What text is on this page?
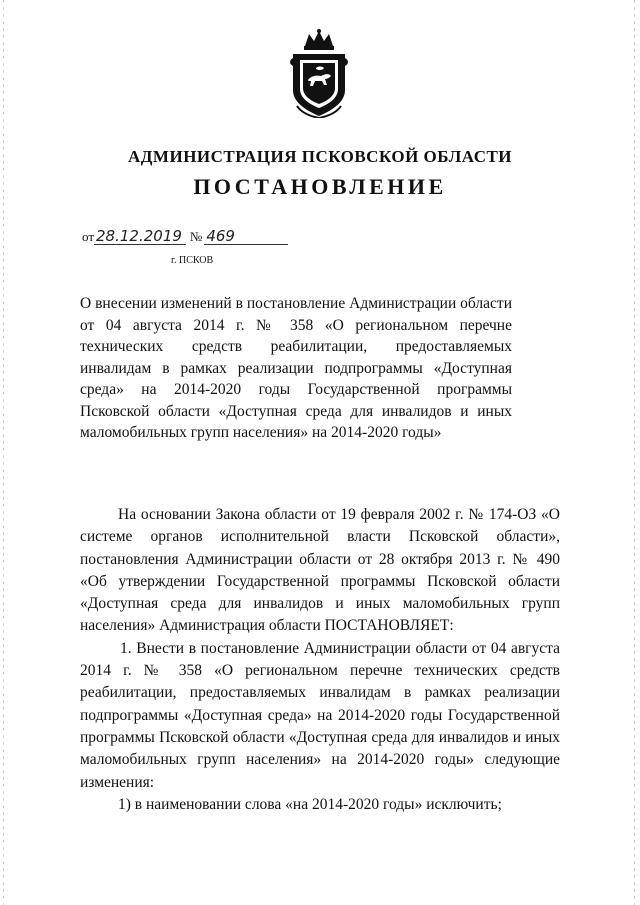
АДМИНИСТРАЦИЯ ПСКОВСКОЙ ОБЛАСТИ
ПОСТАНОВЛЕНИЕ
от 28.12.2019 № 469
г. ПСКОВ
О внесении изменений в постановление Администрации области от 04 августа 2014 г. № 358 «О региональном перечне технических средств реабилитации, предоставляемых инвалидам в рамках реализации подпрограммы «Доступная среда» на 2014-2020 годы Государственной программы Псковской области «Доступная среда для инвалидов и иных маломобильных групп населения» на 2014-2020 годы»

На основании Закона области от 19 февраля 2002 г. № 174-ОЗ «О системе органов исполнительной власти Псковской области», постановления Администрации области от 28 октября 2013 г. № 490 «Об утверждении Государственной программы Псковской области «Доступная среда для инвалидов и иных маломобильных групп населения» Администрация области ПОСТАНОВЛЯЕТ:

1. Внести в постановление Администрации области от 04 августа 2014 г. № 358 «О региональном перечне технических средств реабилитации, предоставляемых инвалидам в рамках реализации подпрограммы «Доступная среда» на 2014-2020 годы Государственной программы Псковской области «Доступная среда для инвалидов и иных маломобильных групп населения» на 2014-2020 годы» следующие изменения:

1) в наименовании слова «на 2014-2020 годы» исключить;
